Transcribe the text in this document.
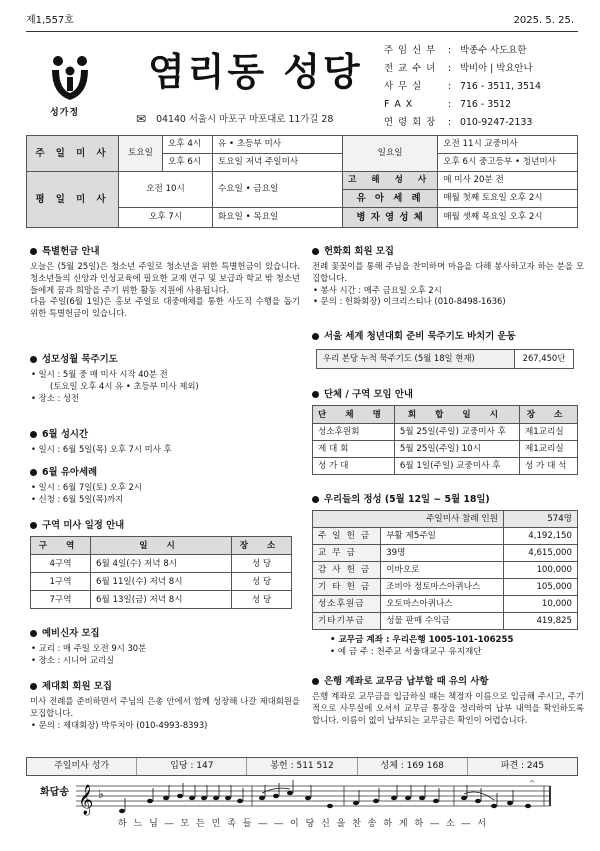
제1,557호	2025. 5. 25.
성가정
염리동 성당
✉ 04140 서울시 마포구 마포대로 11가길 28
주 임 신 부	: 박종수 사도요한
전 교 수 녀	: 박비아 | 박요안나
사 무 실	: 716 - 3511, 3514
F A X	: 716 - 3512
연 령 회 장	: 010-9247-2133
주 일 미 사	토요일	오후 4시	유 • 초등부 미사	일요일	오전 11시 교중미사
		오후 6시	토요일 저녁 주일미사		오후 6시 중고등부 • 청년미사
평 일 미 사	오전 10시		수요일 • 금요일	고 해 성 사	매 미사 20분 전
				유 아 세 례	매월 첫째 토요일 오후 2시
	오후 7시		화요일 • 목요일	병 자 영 성 체	매월 셋째 목요일 오후 2시
특별헌금 안내
오늘은 (5월 25일)은 청소년 주일로 청소년을 위한 특별헌금이 있습니다. 청소년들의 신앙과 인성교육에 필요한 교재 연구 및 보급과 학교 밖 청소년들에게 꿈과 희망을 주기 위한 활동 지원에 사용됩니다.
다음 주일(6월 1일)은 홍보 주일로 대중매체를 통한 사도직 수행을 돕기 위한 특별헌금이 있습니다.
성모성월 묵주기도
• 일시 : 5월 중 매 미사 시작 40분 전
(토요일 오후 4시 유 • 초등부 미사 제외)
• 장소 : 성전
6월 성시간
• 일시 : 6월 5일(목) 오후 7시 미사 후
6월 유아세례
• 일시 : 6월 7일(토) 오후 2시
• 신청 : 6월 5일(목)까지
구역 미사 일정 안내
구 역	일 시	장 소
4구역	6월 4일(수) 저녁 8시	성 당
1구역	6월 11일(수) 저녁 8시	성 당
7구역	6월 13일(금) 저녁 8시	성 당
예비신자 모집
• 교리 : 매 주일 오전 9시 30분
• 장소 : 시니어 교리실
제대회 회원 모집
미사 전례를 준비하면서 주님의 은총 안에서 함께 성장해 나갈 제대회원을 모집합니다.
• 문의 : 제대회장) 박루치아 (010-4993-8393)
헌화회 회원 모집
전례 꽃꽂이를 통해 주님을 찬미하며 마음을 다해 봉사하고자 하는 분을 모집합니다.
• 봉사 시간 : 매주 금요일 오후 2시
• 문의 : 헌화회장) 이크리스티나 (010-8498-1636)
서울 세계 청년대회 준비 묵주기도 바치기 운동
우리 본당 누적 묵주기도 (5월 18일 현재)	267,450단
단체 / 구역 모임 안내
단 체 명	회 합 일 시	장 소
성소후원회	5월 25일(주일) 교중미사 후	제1교리실
제 대 회	5월 25일(주일) 10시	제1교리실
성 가 대	6월 1일(주일) 교중미사 후	성 가 대 석
우리들의 정성 (5월 12일 ~ 5월 18일)
주일미사 참례 인원		574명
주일헌금	부활 제5주일	4,192,150
교무금	39명	4,615,000
감사헌금	이바오로	100,000
기타헌금	조비아 정토마스아퀴나스	105,000
성소후원금	오토마스아퀴나스	10,000
기타기부금	성물 판매 수익금	419,825
• 교무금 계좌 : 우리은행 1005-101-106255
• 예 금 주 : 천주교 서울대교구 유지재단
은행 계좌로 교무금 납부할 때 유의 사항
은행 계좌로 교무금을 입금하실 때는 책정자 이름으로 입금해 주시고, 주기적으로 사무실에 오셔서 교무금 통장을 정리하여 납부 내역을 확인하도록 합니다. 이름이 없이 납부되는 교무금은 확인이 어렵습니다.
주일미사 성가	입당 : 147	봉헌 : 511 512	성체 : 169 168	파견 : 245
화답송 𝄞 ♭
𝄐
하 느 님 ― 모 든 민 족 들 ― ― 이 당 신 을 찬 송 하 게 하 ― 소 ― 서
